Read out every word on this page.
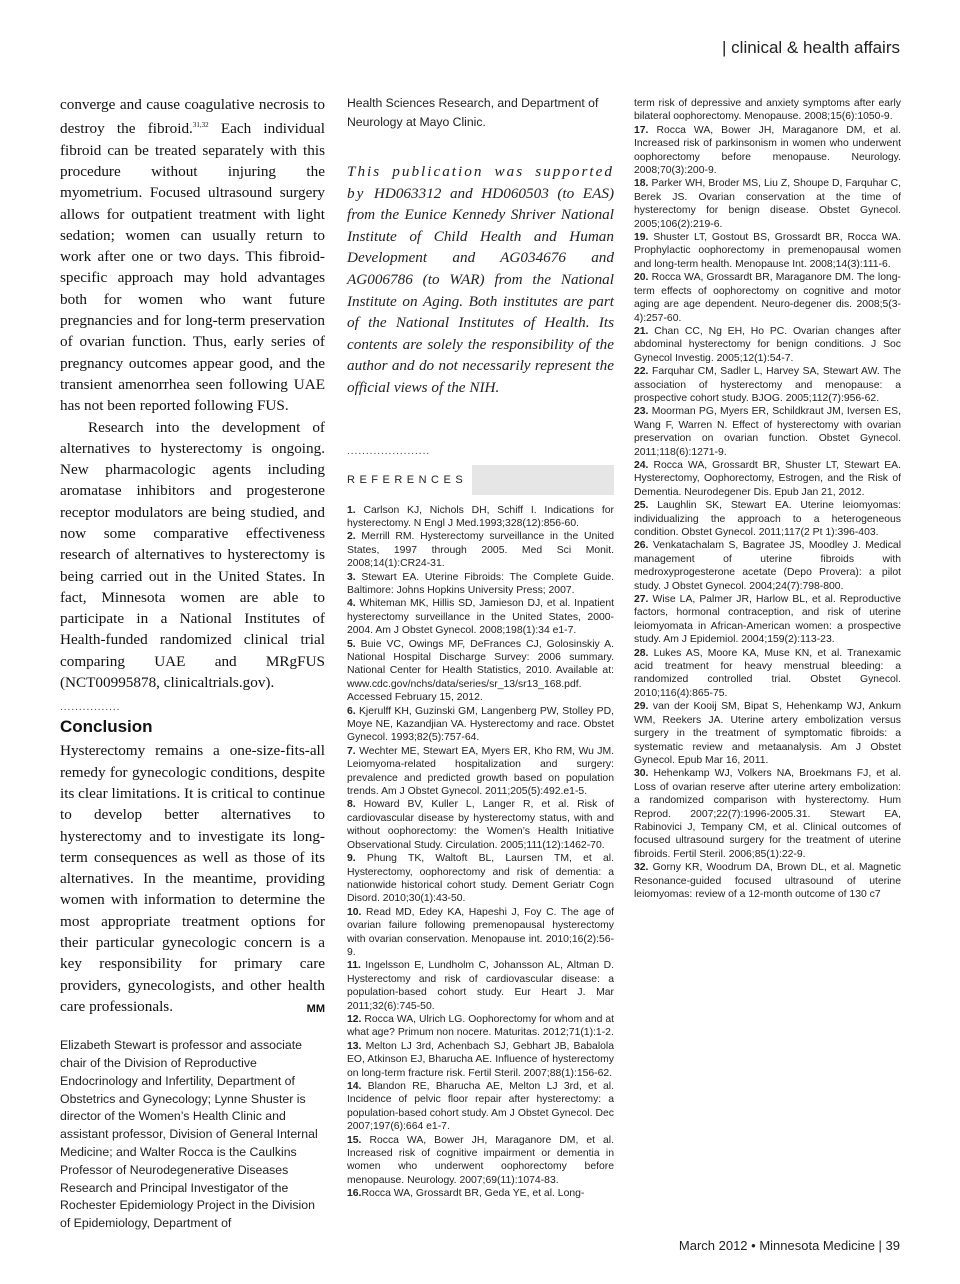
| clinical & health affairs

converge and cause coagulative necrosis to destroy the fibroid.$^{31,32}$ Each individual fibroid can be treated separately with this procedure without injuring the myometrium. Focused ultrasound surgery allows for outpatient treatment with light sedation; women can usually return to work after one or two days. This fibroid-specific approach may hold advantages both for women who want future pregnancies and for long-term preservation of ovarian function. Thus, early series of pregnancy outcomes appear good, and the transient amenorrhea seen following UAE has not been reported following FUS.

Research into the development of alternatives to hysterectomy is ongoing. New pharmacologic agents including aromatase inhibitors and progesterone receptor modulators are being studied, and now some comparative effectiveness research of alternatives to hysterectomy is being carried out in the United States. In fact, Minnesota women are able to participate in a National Institutes of Health-funded randomized clinical trial comparing UAE and MRgFUS (NCT00995878, clinicaltrials.gov).

................
Conclusion

Hysterectomy remains a one-size-fits-all remedy for gynecologic conditions, despite its clear limitations. It is critical to continue to develop better alternatives to hysterectomy and to investigate its long-term consequences as well as those of its alternatives. In the meantime, providing women with information to determine the most appropriate treatment options for their particular gynecologic concern is a key responsibility for primary care providers, gynecologists, and other health care professionals.	MM

Elizabeth Stewart is professor and associate chair of the Division of Reproductive Endocrinology and Infertility, Department of Obstetrics and Gynecology; Lynne Shuster is director of the Women’s Health Clinic and assistant professor, Division of General Internal Medicine; and Walter Rocca is the Caulkins Professor of Neurodegenerative Diseases Research and Principal Investigator of the Rochester Epidemiology Project in the Division of Epidemiology, Department of
Health Sciences Research, and Department of Neurology at Mayo Clinic.
This publication was supported by HD063312 and HD060503 (to EAS) from the Eunice Kennedy Shriver National Institute of Child Health and Human Development and AG034676 and AG006786 (to WAR) from the National Institute on Aging. Both institutes are part of the National Institutes of Health. Its contents are solely the responsibility of the author and do not necessarily represent the official views of the NIH.
......................
REFERENCES
1. Carlson KJ, Nichols DH, Schiff I. Indications for hysterectomy. N Engl J Med.1993;328(12):856-60.
2. Merrill RM. Hysterectomy surveillance in the United States, 1997 through 2005. Med Sci Monit. 2008;14(1):CR24-31.
3. Stewart EA. Uterine Fibroids: The Complete Guide. Baltimore: Johns Hopkins University Press; 2007.
4. Whiteman MK, Hillis SD, Jamieson DJ, et al. Inpatient hysterectomy surveillance in the United States, 2000-2004. Am J Obstet Gynecol. 2008;198(1):34 e1-7.
5. Buie VC, Owings MF, DeFrances CJ, Golosinskiy A. National Hospital Discharge Survey: 2006 summary. National Center for Health Statistics, 2010. Available at: www.cdc.gov/nchs/data/series/sr_13/sr13_168.pdf. Accessed February 15, 2012.
6. Kjerulff KH, Guzinski GM, Langenberg PW, Stolley PD, Moye NE, Kazandjian VA. Hysterectomy and race. Obstet Gynecol. 1993;82(5):757-64.
7. Wechter ME, Stewart EA, Myers ER, Kho RM, Wu JM. Leiomyoma-related hospitalization and surgery: prevalence and predicted growth based on population trends. Am J Obstet Gynecol. 2011;205(5):492.e1-5.
8. Howard BV, Kuller L, Langer R, et al. Risk of cardiovascular disease by hysterectomy status, with and without oophorectomy: the Women’s Health Initiative Observational Study. Circulation. 2005;111(12):1462-70.
9. Phung TK, Waltoft BL, Laursen TM, et al. Hysterectomy, oophorectomy and risk of dementia: a nationwide historical cohort study. Dement Geriatr Cogn Disord. 2010;30(1):43-50.
10. Read MD, Edey KA, Hapeshi J, Foy C. The age of ovarian failure following premenopausal hysterectomy with ovarian conservation. Menopause int. 2010;16(2):56-9.
11. Ingelsson E, Lundholm C, Johansson AL, Altman D. Hysterectomy and risk of cardiovascular disease: a population-based cohort study. Eur Heart J. Mar 2011;32(6):745-50.
12. Rocca WA, Ulrich LG. Oophorectomy for whom and at what age? Primum non nocere. Maturitas. 2012;71(1):1-2.
13. Melton LJ 3rd, Achenbach SJ, Gebhart JB, Babalola EO, Atkinson EJ, Bharucha AE. Influence of hysterectomy on long-term fracture risk. Fertil Steril. 2007;88(1):156-62.
14. Blandon RE, Bharucha AE, Melton LJ 3rd, et al. Incidence of pelvic floor repair after hysterectomy: a population-based cohort study. Am J Obstet Gynecol. Dec 2007;197(6):664 e1-7.
15. Rocca WA, Bower JH, Maraganore DM, et al. Increased risk of cognitive impairment or dementia in women who underwent oophorectomy before menopause. Neurology. 2007;69(11):1074-83.
16.Rocca WA, Grossardt BR, Geda YE, et al. Long-
term risk of depressive and anxiety symptoms after early bilateral oophorectomy. Menopause. 2008;15(6):1050-9.
17. Rocca WA, Bower JH, Maraganore DM, et al. Increased risk of parkinsonism in women who underwent oophorectomy before menopause. Neurology. 2008;70(3):200-9.
18. Parker WH, Broder MS, Liu Z, Shoupe D, Farquhar C, Berek JS. Ovarian conservation at the time of hysterectomy for benign disease. Obstet Gynecol. 2005;106(2):219-6.
19. Shuster LT, Gostout BS, Grossardt BR, Rocca WA. Prophylactic oophorectomy in premenopausal women and long-term health. Menopause Int. 2008;14(3):111-6.
20. Rocca WA, Grossardt BR, Maraganore DM. The long-term effects of oophorectomy on cognitive and motor aging are age dependent. Neuro-degener dis. 2008;5(3-4):257-60.
21. Chan CC, Ng EH, Ho PC. Ovarian changes after abdominal hysterectomy for benign conditions. J Soc Gynecol Investig. 2005;12(1):54-7.
22. Farquhar CM, Sadler L, Harvey SA, Stewart AW. The association of hysterectomy and menopause: a prospective cohort study. BJOG. 2005;112(7):956-62.
23. Moorman PG, Myers ER, Schildkraut JM, Iversen ES, Wang F, Warren N. Effect of hysterectomy with ovarian preservation on ovarian function. Obstet Gynecol. 2011;118(6):1271-9.
24. Rocca WA, Grossardt BR, Shuster LT, Stewart EA. Hysterectomy, Oophorectomy, Estrogen, and the Risk of Dementia. Neurodegener Dis. Epub Jan 21, 2012.
25. Laughlin SK, Stewart EA. Uterine leiomyomas: individualizing the approach to a heterogeneous condition. Obstet Gynecol. 2011;117(2 Pt 1):396-403.
26. Venkatachalam S, Bagratee JS, Moodley J. Medical management of uterine fibroids with medroxyprogesterone acetate (Depo Provera): a pilot study. J Obstet Gynecol. 2004;24(7):798-800.
27. Wise LA, Palmer JR, Harlow BL, et al. Reproductive factors, hormonal contraception, and risk of uterine leiomyomata in African-American women: a prospective study. Am J Epidemiol. 2004;159(2):113-23.
28. Lukes AS, Moore KA, Muse KN, et al. Tranexamic acid treatment for heavy menstrual bleeding: a randomized controlled trial. Obstet Gynecol. 2010;116(4):865-75.
29. van der Kooij SM, Bipat S, Hehenkamp WJ, Ankum WM, Reekers JA. Uterine artery embolization versus surgery in the treatment of symptomatic fibroids: a systematic review and metaanalysis. Am J Obstet Gynecol. Epub Mar 16, 2011.
30. Hehenkamp WJ, Volkers NA, Broekmans FJ, et al. Loss of ovarian reserve after uterine artery embolization: a randomized comparison with hysterectomy. Hum Reprod. 2007;22(7):1996-2005.31. Stewart EA, Rabinovici J, Tempany CM, et al. Clinical outcomes of focused ultrasound surgery for the treatment of uterine fibroids. Fertil Steril. 2006;85(1):22-9.
32. Gorny KR, Woodrum DA, Brown DL, et al. Magnetic Resonance-guided focused ultrasound of uterine leiomyomas: review of a 12-month outcome of 130 c7
March 2012 • Minnesota Medicine | 39
